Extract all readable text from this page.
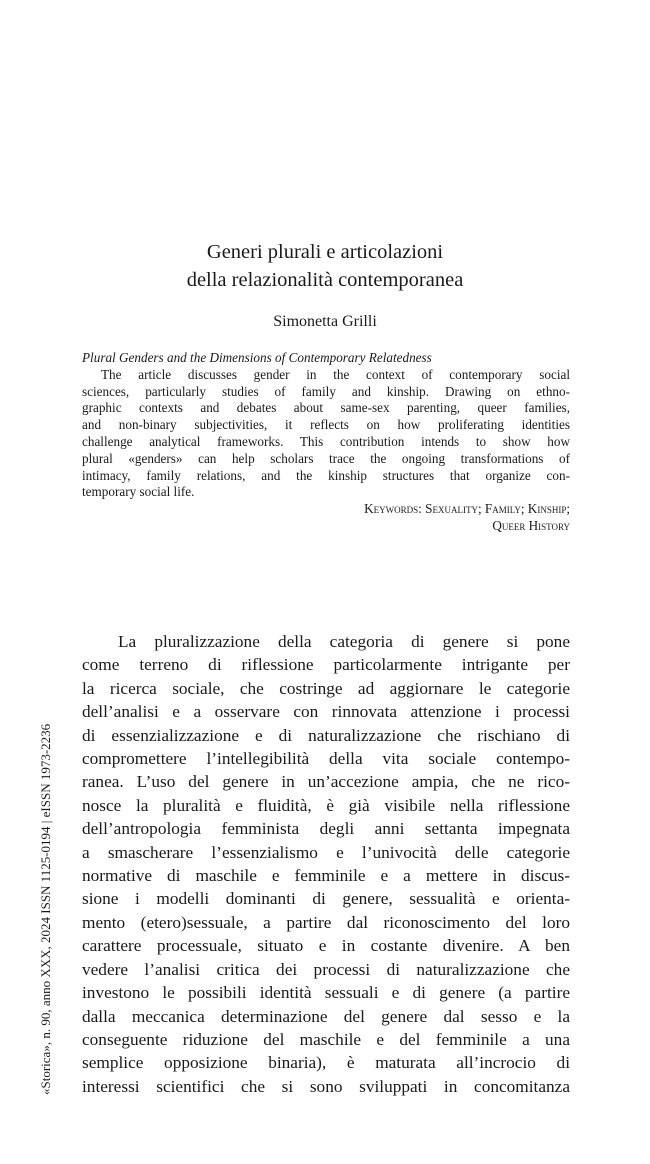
Generi plurali e articolazioni
della relazionalità contemporanea
Simonetta Grilli
Plural Genders and the Dimensions of Contemporary Relatedness
The article discusses gender in the context of contemporary social
sciences, particularly studies of family and kinship. Drawing on ethno-
graphic contexts and debates about same-sex parenting, queer families,
and non-binary subjectivities, it reflects on how proliferating identities
challenge analytical frameworks. This contribution intends to show how
plural «genders» can help scholars trace the ongoing transformations of
intimacy, family relations, and the kinship structures that organize con-
temporary social life.
Keywords: Sexuality; Family; Kinship;
Queer History
La pluralizzazione della categoria di genere si pone
come terreno di riflessione particolarmente intrigante per
la ricerca sociale, che costringe ad aggiornare le categorie
dell’analisi e a osservare con rinnovata attenzione i processi
di essenzializzazione e di naturalizzazione che rischiano di
compromettere l’intellegibilità della vita sociale contempo-
ranea. L’uso del genere in un’accezione ampia, che ne rico-
nosce la pluralità e fluidità, è già visibile nella riflessione
dell’antropologia femminista degli anni settanta impegnata
a smascherare l’essenzialismo e l’univocità delle categorie
normative di maschile e femminile e a mettere in discus-
sione i modelli dominanti di genere, sessualità e orienta-
mento (etero)sessuale, a partire dal riconoscimento del loro
carattere processuale, situato e in costante divenire. A ben
vedere l’analisi critica dei processi di naturalizzazione che
investono le possibili identità sessuali e di genere (a partire
dalla meccanica determinazione del genere dal sesso e la
conseguente riduzione del maschile e del femminile a una
semplice opposizione binaria), è maturata all’incrocio di
interessi scientifici che si sono sviluppati in concomitanza
«Storica», n. 90, anno XXX, 2024 ISSN 1125-0194 | eISSN 1973-2236
